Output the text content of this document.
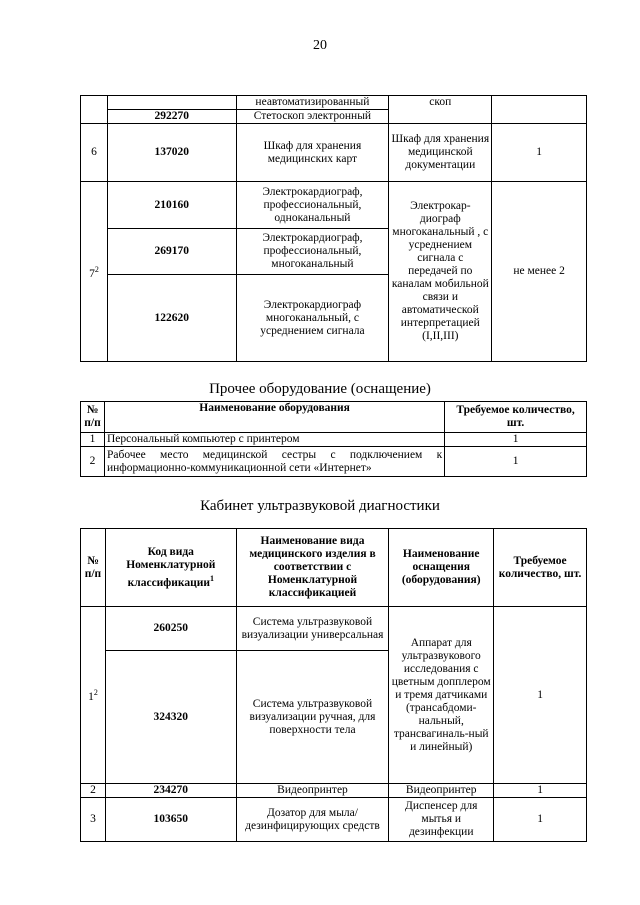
20
		неавтоматизированный	скоп	
	292270	Стетоскоп электронный		
6	137020	Шкаф для хранения медицинских карт	Шкаф для хранения медицинской документации	1
$7^2$	210160	Электрокардиограф, профессиональный, одноканальный	Электрокар-диограф многоканальный , с усреднением сигнала с передачей по каналам мобильной связи и автоматической интерпретацией (I,II,III)	не менее 2
	269170	Электрокардиограф, профессиональный, многоканальный		
	122620	Электрокардиограф многоканальный, с усреднением сигнала		
Прочее оборудование (оснащение)
№ п/п	Наименование оборудования	Требуемое количество, шт.
1	Персональный компьютер с принтером	1
2	Рабочее место медицинской сестры с подключением к информационно-коммуникационной сети «Интернет»	1
Кабинет ультразвуковой диагностики
№ п/п	Код вида Номенклатурной классификации$^1$	Наименование вида медицинского изделия в соответствии с Номенклатурной классификацией	Наименование оснащения (оборудования)	Требуемое количество, шт.
$1^2$	260250	Система ультразвуковой визуализации универсальная	Аппарат для ультразвукового исследования с цветным допплером и тремя датчиками (трансабдоми-нальный, трансвагиналь-ный и линейный)	1
	324320	Система ультразвуковой визуализации ручная, для поверхности тела		
2	234270	Видеопринтер	Видеопринтер	1
3	103650	Дозатор для мыла/ дезинфицирующих средств	Диспенсер для мытья и дезинфекции	1
